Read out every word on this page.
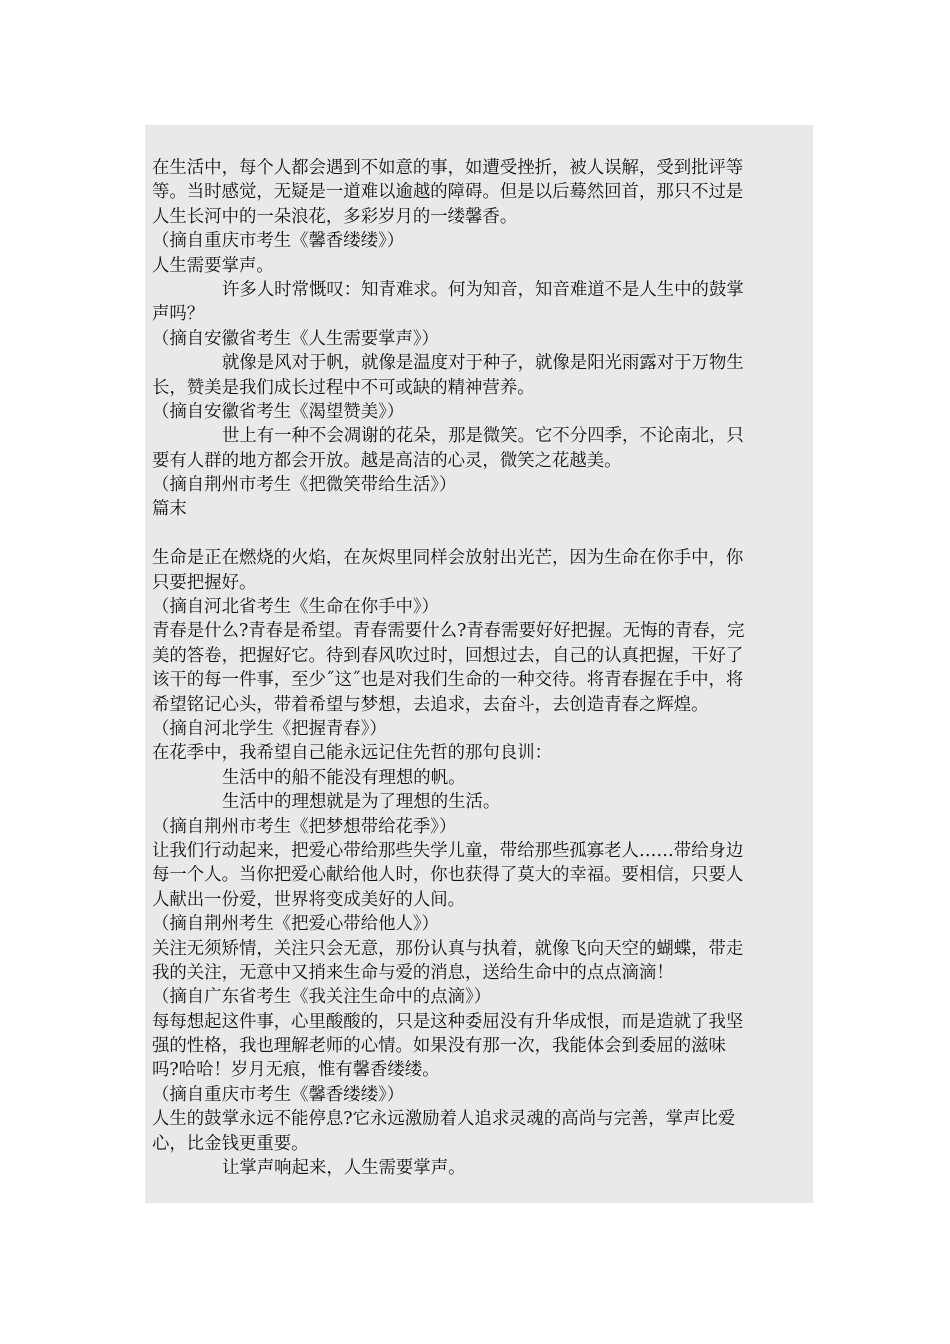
在生活中，每个人都会遇到不如意的事，如遭受挫折，被人误解，受到批评等

等。当时感觉，无疑是一道难以逾越的障碍。但是以后蓦然回首，那只不过是

人生长河中的一朵浪花，多彩岁月的一缕馨香。

（摘自重庆市考生《馨香缕缕》）

人生需要掌声。

许多人时常慨叹：知青难求。何为知音，知音难道不是人生中的鼓掌

声吗？

（摘自安徽省考生《人生需要掌声》）

就像是风对于帆，就像是温度对于种子，就像是阳光雨露对于万物生

长，赞美是我们成长过程中不可或缺的精神营养。

（摘自安徽省考生《渴望赞美》）

世上有一种不会凋谢的花朵，那是微笑。它不分四季，不论南北，只

要有人群的地方都会开放。越是高洁的心灵，微笑之花越美。

（摘自荆州市考生《把微笑带给生活》）

篇末

生命是正在燃烧的火焰，在灰烬里同样会放射出光芒，因为生命在你手中，你

只要把握好。

（摘自河北省考生《生命在你手中》）

青春是什么?青春是希望。青春需要什么?青春需要好好把握。无悔的青春，完

美的答卷，把握好它。待到春风吹过时，回想过去，自己的认真把握，干好了

该干的每一件事，至少˝这˝也是对我们生命的一种交待。将青春握在手中，将

希望铭记心头，带着希望与梦想，去追求，去奋斗，去创造青春之辉煌。

（摘自河北学生《把握青春》）

在花季中，我希望自己能永远记住先哲的那句良训：

生活中的船不能没有理想的帆。

生活中的理想就是为了理想的生活。

（摘自荆州市考生《把梦想带给花季》）

让我们行动起来，把爱心带给那些失学儿童，带给那些孤寡老人……带给身边

每一个人。当你把爱心献给他人时，你也获得了莫大的幸福。要相信，只要人

人献出一份爱，世界将变成美好的人间。

（摘自荆州考生《把爱心带给他人》）

关注无须矫情，关注只会无意，那份认真与执着，就像飞向天空的蝴蝶，带走

我的关注，无意中又捎来生命与爱的消息，送给生命中的点点滴滴！

（摘自广东省考生《我关注生命中的点滴》）

每每想起这件事，心里酸酸的，只是这种委屈没有升华成恨，而是造就了我坚

强的性格，我也理解老师的心情。如果没有那一次，我能体会到委屈的滋味

吗?哈哈！岁月无痕，惟有馨香缕缕。

（摘自重庆市考生《馨香缕缕》）

人生的鼓掌永远不能停息?它永远激励着人追求灵魂的高尚与完善，掌声比爱

心，比金钱更重要。

让掌声响起来，人生需要掌声。
